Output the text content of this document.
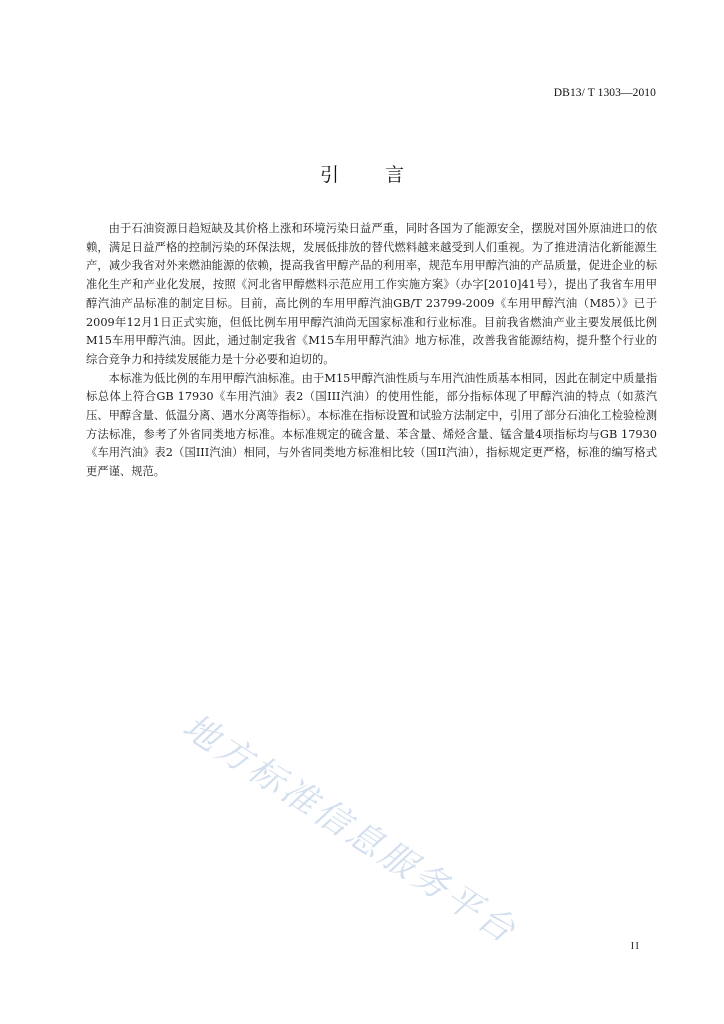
DB13/ T 1303—2010
引言

由于石油资源日趋短缺及其价格上涨和环境污染日益严重，同时各国为了能源安全，摆脱对国外原油进口的依赖，满足日益严格的控制污染的环保法规，发展低排放的替代燃料越来越受到人们重视。为了推进清洁化新能源生产，减少我省对外来燃油能源的依赖，提高我省甲醇产品的利用率，规范车用甲醇汽油的产品质量，促进企业的标准化生产和产业化发展，按照《河北省甲醇燃料示范应用工作实施方案》（办字[2010]41号），提出了我省车用甲醇汽油产品标准的制定目标。目前，高比例的车用甲醇汽油GB/T 23799-2009《车用甲醇汽油（M85）》已于2009年12月1日正式实施，但低比例车用甲醇汽油尚无国家标准和行业标准。目前我省燃油产业主要发展低比例M15车用甲醇汽油。因此，通过制定我省《M15车用甲醇汽油》地方标准，改善我省能源结构，提升整个行业的综合竞争力和持续发展能力是十分必要和迫切的。

本标准为低比例的车用甲醇汽油标准。由于M15甲醇汽油性质与车用汽油性质基本相同，因此在制定中质量指标总体上符合GB 17930《车用汽油》表2（国III汽油）的使用性能，部分指标体现了甲醇汽油的特点（如蒸汽压、甲醇含量、低温分离、遇水分离等指标）。本标准在指标设置和试验方法制定中，引用了部分石油化工检验检测方法标准，参考了外省同类地方标准。本标准规定的硫含量、苯含量、烯烃含量、锰含量4项指标均与GB 17930《车用汽油》表2（国III汽油）相同，与外省同类地方标准相比较（国II汽油），指标规定更严格，标准的编写格式更严谨、规范。

地方标准信息服务平台	II
